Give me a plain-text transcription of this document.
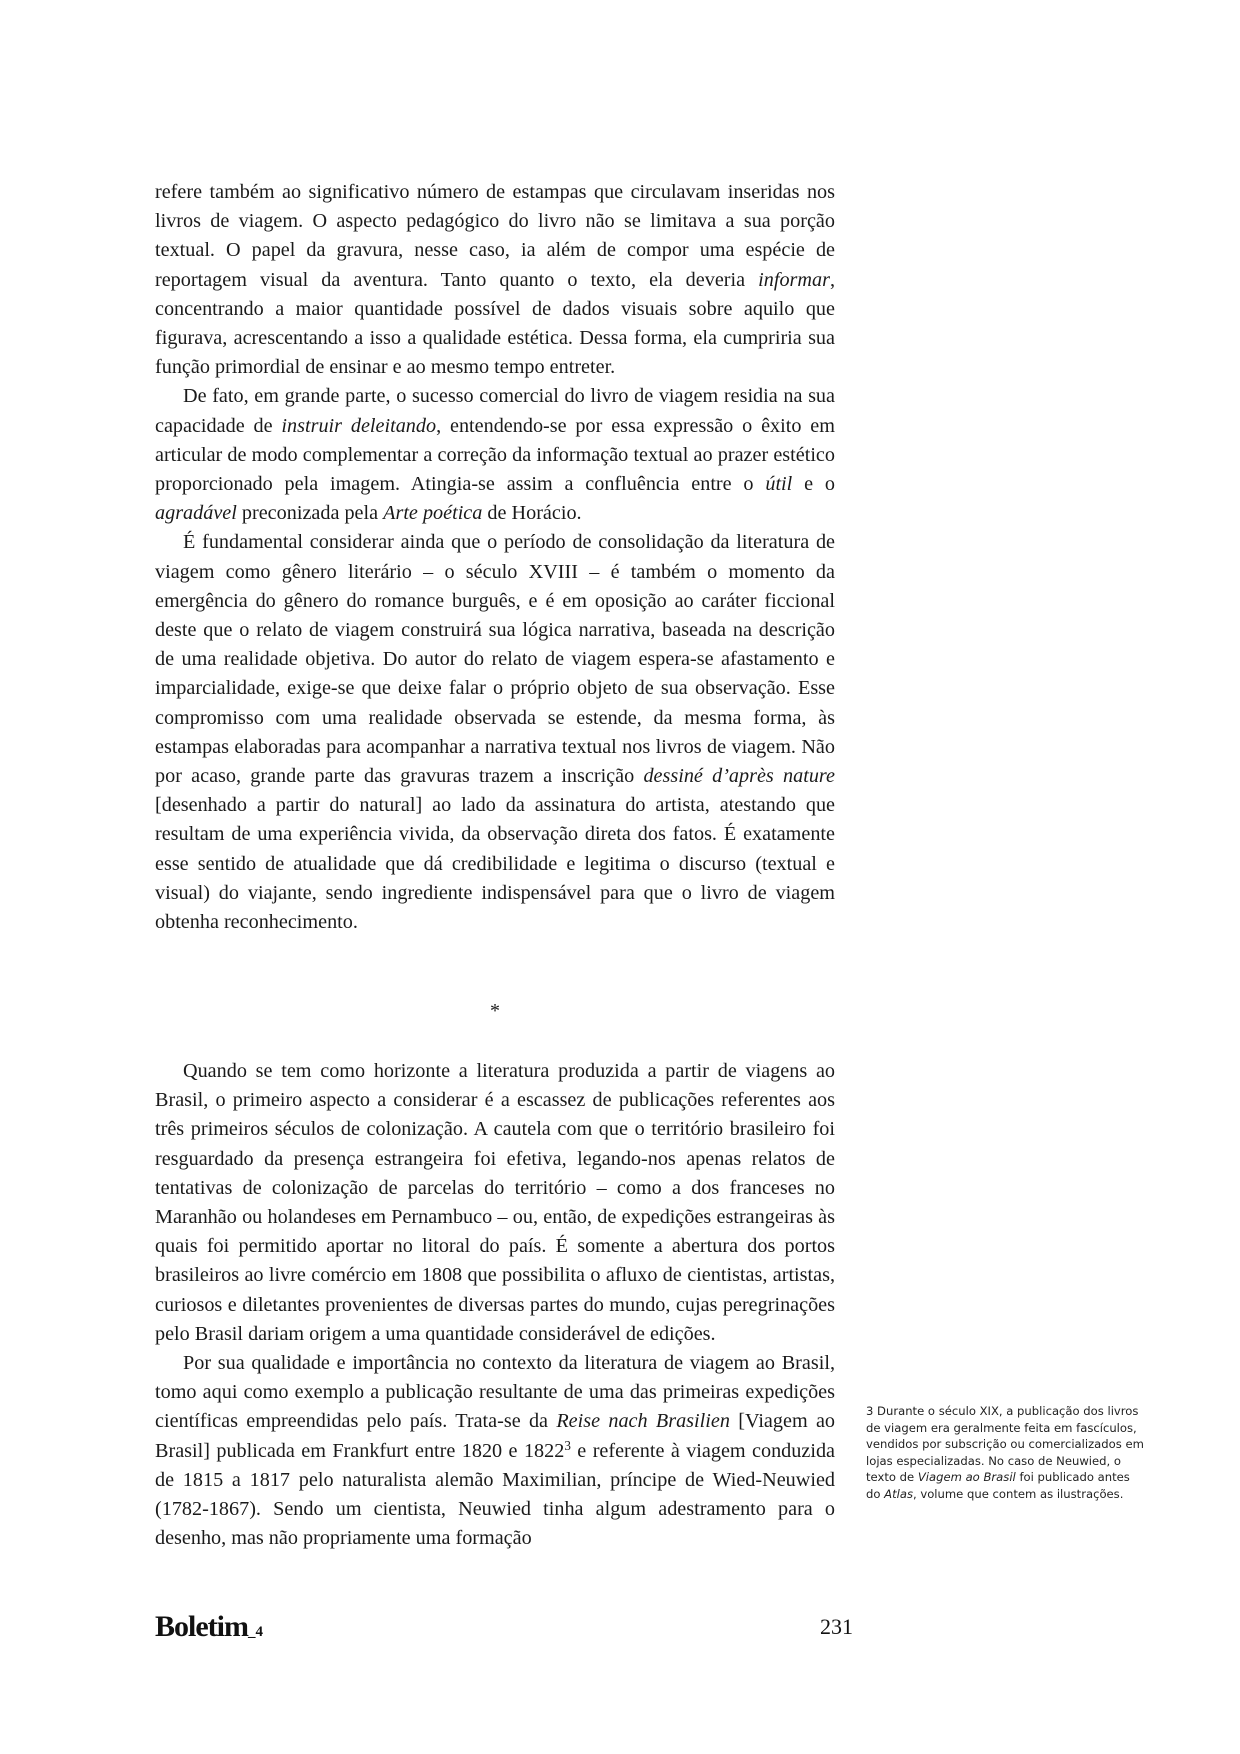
refere também ao significativo número de estampas que circulavam inseridas nos livros de viagem. O aspecto pedagógico do livro não se limitava a sua porção textual. O papel da gravura, nesse caso, ia além de compor uma espécie de reportagem visual da aventura. Tanto quanto o texto, ela deveria informar, concentrando a maior quantidade possível de dados visuais sobre aquilo que figurava, acrescentando a isso a qualidade estética. Dessa forma, ela cumpriria sua função primordial de ensinar e ao mesmo tempo entreter.

De fato, em grande parte, o sucesso comercial do livro de viagem residia na sua capacidade de instruir deleitando, entendendo-se por essa expressão o êxito em articular de modo complementar a correção da informação textual ao prazer estético proporcionado pela imagem. Atingia-se assim a confluência entre o útil e o agradável preconizada pela Arte poética de Horácio.

É fundamental considerar ainda que o período de consolidação da literatura de viagem como gênero literário – o século XVIII – é também o momento da emergência do gênero do romance burguês, e é em oposição ao caráter ficcional deste que o relato de viagem construirá sua lógica narrativa, baseada na descrição de uma realidade objetiva. Do autor do relato de viagem espera-se afastamento e imparcialidade, exige-se que deixe falar o próprio objeto de sua observação. Esse compromisso com uma realidade observada se estende, da mesma forma, às estampas elaboradas para acompanhar a narrativa textual nos livros de viagem. Não por acaso, grande parte das gravuras trazem a inscrição dessiné d’après nature [desenhado a partir do natural] ao lado da assinatura do artista, atestando que resultam de uma experiência vivida, da observação direta dos fatos. É exatamente esse sentido de atualidade que dá credibilidade e legitima o discurso (textual e visual) do viajante, sendo ingrediente indispensável para que o livro de viagem obtenha reconhecimento.

*

Quando se tem como horizonte a literatura produzida a partir de viagens ao Brasil, o primeiro aspecto a considerar é a escassez de publicações referentes aos três primeiros séculos de colonização. A cautela com que o território brasileiro foi resguardado da presença estrangeira foi efetiva, legando-nos apenas relatos de tentativas de colonização de parcelas do território – como a dos franceses no Maranhão ou holandeses em Pernambuco – ou, então, de expedições estrangeiras às quais foi permitido aportar no litoral do país. É somente a abertura dos portos brasileiros ao livre comércio em 1808 que possibilita o afluxo de cientistas, artistas, curiosos e diletantes provenientes de diversas partes do mundo, cujas peregrinações pelo Brasil dariam origem a uma quantidade considerável de edições.

Por sua qualidade e importância no contexto da literatura de viagem ao Brasil, tomo aqui como exemplo a publicação resultante de uma das primeiras expedições científicas empreendidas pelo país. Trata-se da Reise nach Brasilien [Viagem ao Brasil] publicada em Frankfurt entre 1820 e 1822$^3$ e referente à viagem conduzida de 1815 a 1817 pelo naturalista alemão Maximilian, príncipe de Wied-Neuwied (1782-1867). Sendo um cientista, Neuwied tinha algum adestramento para o desenho, mas não propriamente uma formação

3 Durante o século XIX, a publicação dos livros de viagem era geralmente feita em fascículos, vendidos por subscrição ou comercializados em lojas especializadas. No caso de Neuwied, o texto de Viagem ao Brasil foi publicado antes do Atlas, volume que contem as ilustrações.
Boletim_4	231
